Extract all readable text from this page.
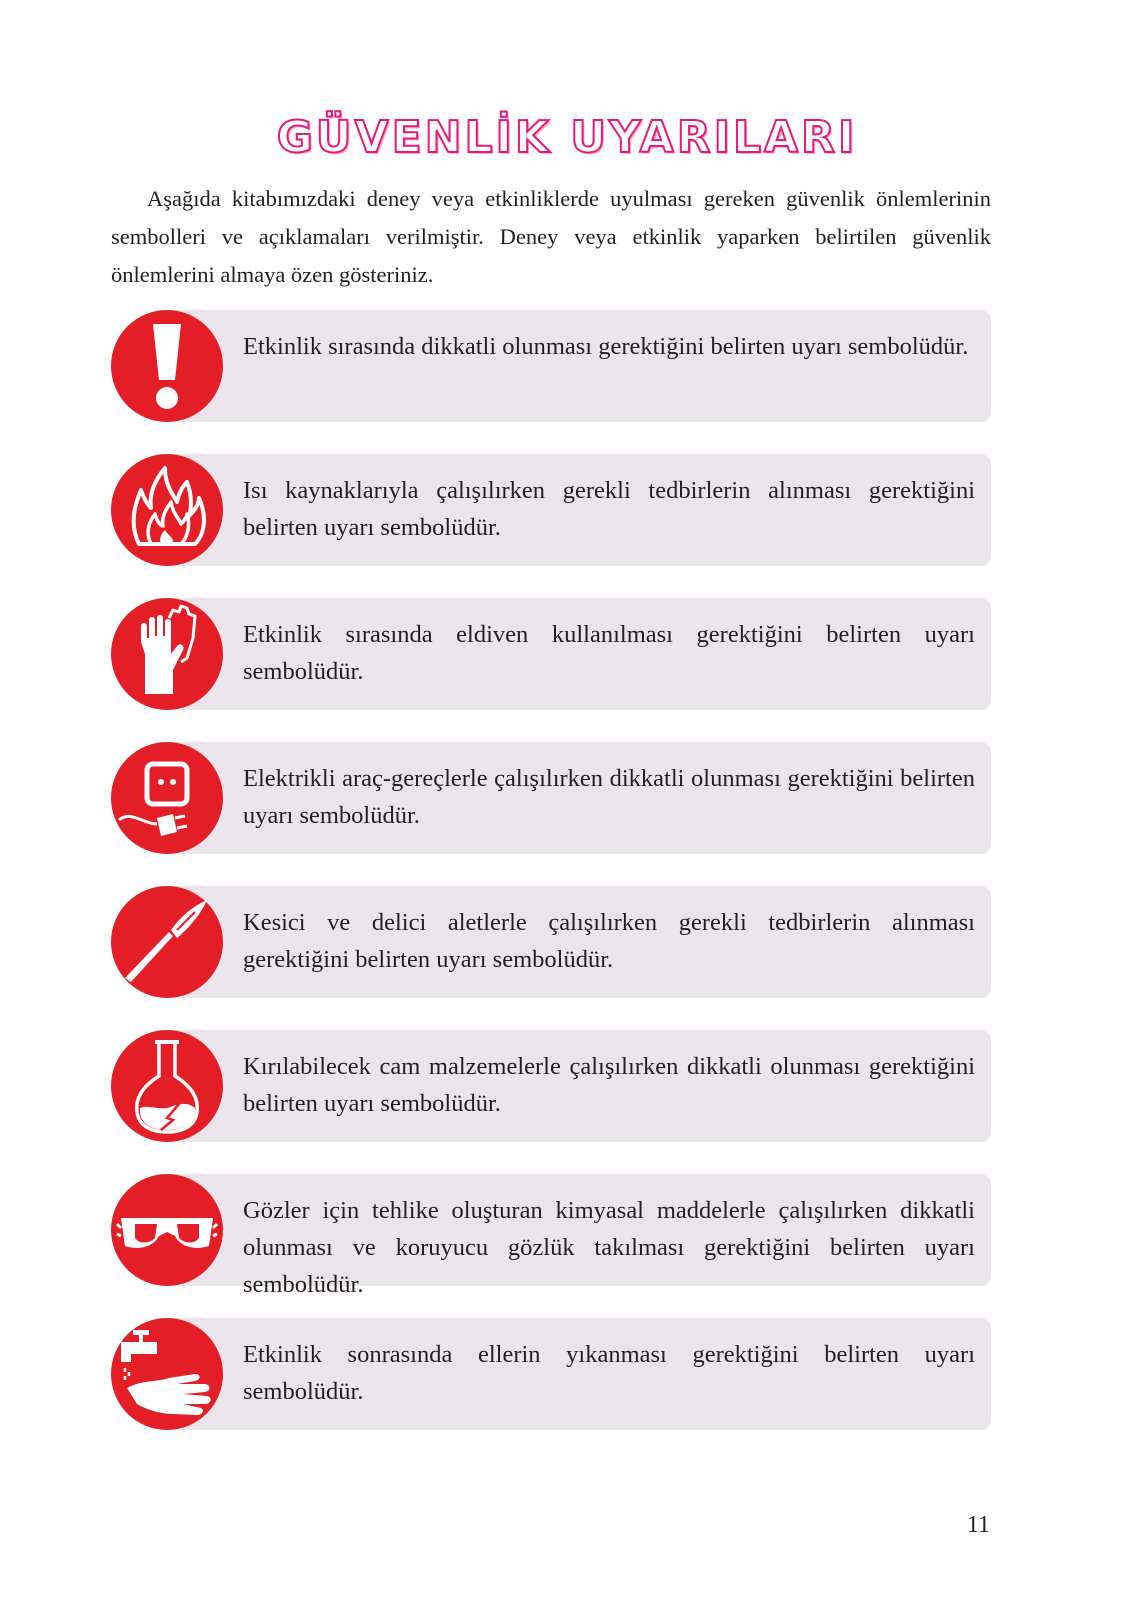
GÜVENLİK UYARILARI

Aşağıda kitabımızdaki deney veya etkinliklerde uyulması gereken güvenlik önlemlerinin sembolleri ve açıklamaları verilmiştir. Deney veya etkinlik yaparken belirtilen güvenlik önlemlerini almaya özen gösteriniz.

Etkinlik sırasında dikkatli olunması gerektiğini belirten uyarı sembolüdür.

Isı kaynaklarıyla çalışılırken gerekli tedbirlerin alınması gerektiğini belirten uyarı sembolüdür.

Etkinlik sırasında eldiven kullanılması gerektiğini belirten uyarı sembolüdür.

Elektrikli araç-gereçlerle çalışılırken dikkatli olunması gerektiğini belirten uyarı sembolüdür.

Kesici ve delici aletlerle çalışılırken gerekli tedbirlerin alınması gerektiğini belirten uyarı sembolüdür.

Kırılabilecek cam malzemelerle çalışılırken dikkatli olunması gerektiğini belirten uyarı sembolüdür.

Gözler için tehlike oluşturan kimyasal maddelerle çalışılırken dikkatli olunması ve koruyucu gözlük takılması gerektiğini belirten uyarı sembolüdür.

Etkinlik sonrasında ellerin yıkanması gerektiğini belirten uyarı sembolüdür.

11
